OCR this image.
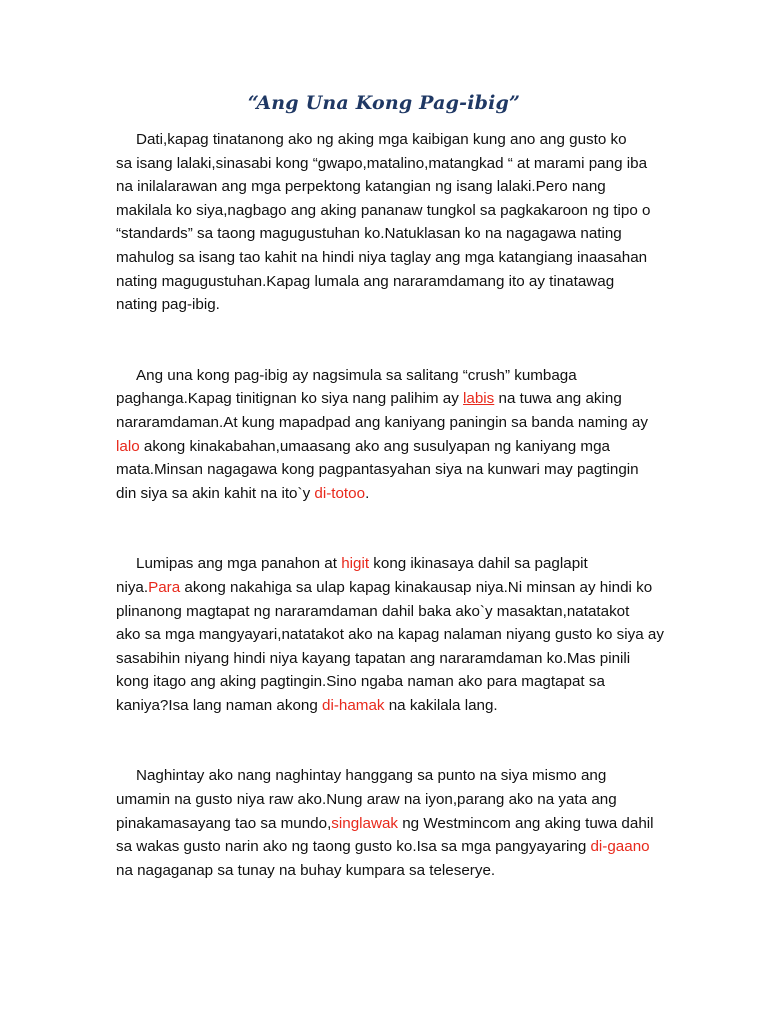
“Ang Una Kong Pag-ibig”
Dati,kapag tinatanong ako ng aking mga kaibigan kung ano ang gusto ko
sa isang lalaki,sinasabi kong “gwapo,matalino,matangkad “ at marami pang iba
na inilalarawan ang mga perpektong katangian ng isang lalaki.Pero nang
makilala ko siya,nagbago ang aking pananaw tungkol sa pagkakaroon ng tipo o
“standards” sa taong magugustuhan ko.Natuklasan ko na nagagawa nating
mahulog sa isang tao kahit na hindi niya taglay ang mga katangiang inaasahan
nating magugustuhan.Kapag lumala ang nararamdamang ito ay tinatawag
nating pag-ibig.
Ang una kong pag-ibig ay nagsimula sa salitang “crush” kumbaga
paghanga.Kapag tinitignan ko siya nang palihim ay labis na tuwa ang aking
nararamdaman.At kung mapadpad ang kaniyang paningin sa banda naming ay
lalo akong kinakabahan,umaasang ako ang susulyapan ng kaniyang mga
mata.Minsan nagagawa kong pagpantasyahan siya na kunwari may pagtingin
din siya sa akin kahit na ito`y di-totoo.
Lumipas ang mga panahon at higit kong ikinasaya dahil sa paglapit
niya.Para akong nakahiga sa ulap kapag kinakausap niya.Ni minsan ay hindi ko
plinanong magtapat ng nararamdaman dahil baka ako`y masaktan,natatakot
ako sa mga mangyayari,natatakot ako na kapag nalaman niyang gusto ko siya ay
sasabihin niyang hindi niya kayang tapatan ang nararamdaman ko.Mas pinili
kong itago ang aking pagtingin.Sino ngaba naman ako para magtapat sa
kaniya?Isa lang naman akong di-hamak na kakilala lang.
Naghintay ako nang naghintay hanggang sa punto na siya mismo ang
umamin na gusto niya raw ako.Nung araw na iyon,parang ako na yata ang
pinakamasayang tao sa mundo,singlawak ng Westmincom ang aking tuwa dahil
sa wakas gusto narin ako ng taong gusto ko.Isa sa mga pangyayaring di-gaano
na nagaganap sa tunay na buhay kumpara sa teleserye.
